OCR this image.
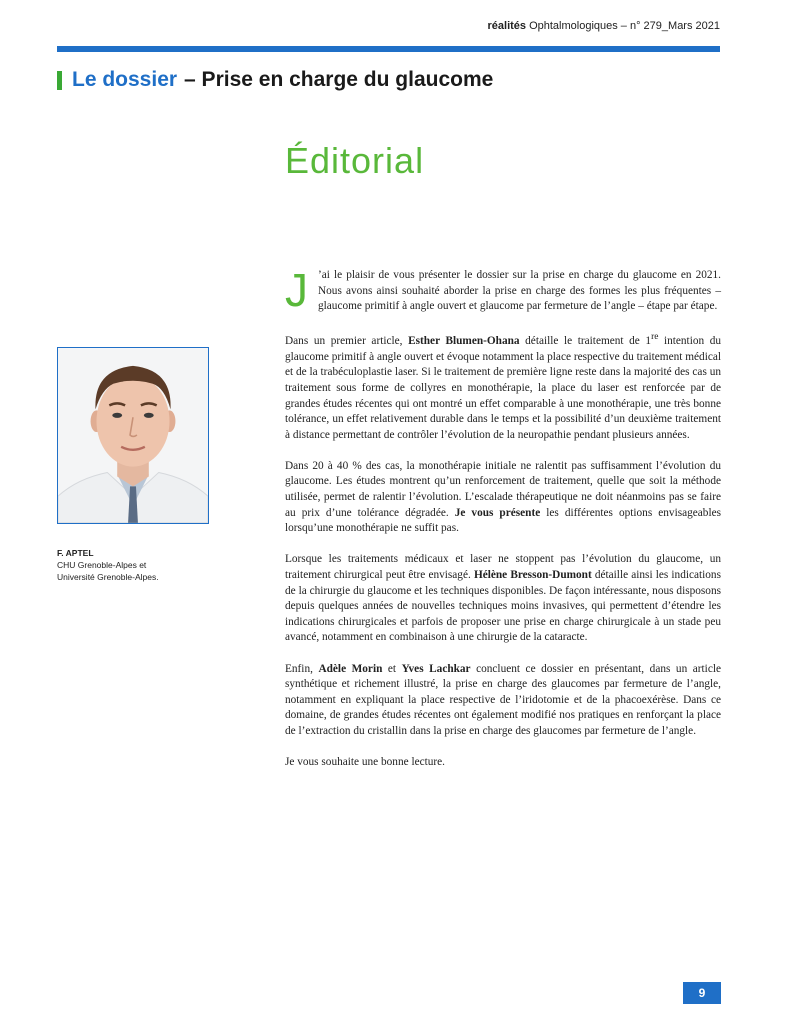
réalités Ophtalmologiques – n° 279_Mars 2021
Le dossier – Prise en charge du glaucome
Éditorial
F. APTEL
CHU Grenoble-Alpes et
Université Grenoble-Alpes.

J ’ai le plaisir de vous présenter le dossier sur la prise en charge du glaucome en 2021. Nous avons ainsi souhaité aborder la prise en charge des formes les plus fréquentes – glaucome primitif à angle ouvert et glaucome par fermeture de l’angle – étape par étape.

Dans un premier article, Esther Blumen-Ohana détaille le traitement de 1re intention du glaucome primitif à angle ouvert et évoque notamment la place respective du traitement médical et de la trabéculoplastie laser. Si le traitement de première ligne reste dans la majorité des cas un traitement sous forme de collyres en monothérapie, la place du laser est renforcée par de grandes études récentes qui ont montré un effet comparable à une monothérapie, une très bonne tolérance, un effet relativement durable dans le temps et la possibilité d’un deuxième traitement à distance permettant de contrôler l’évolution de la neuropathie pendant plusieurs années.

Dans 20 à 40 % des cas, la monothérapie initiale ne ralentit pas suffisamment l’évolution du glaucome. Les études montrent qu’un renforcement de traitement, quelle que soit la méthode utilisée, permet de ralentir l’évolution. L’escalade thérapeutique ne doit néanmoins pas se faire au prix d’une tolérance dégradée. Je vous présente les différentes options envisageables lorsqu’une monothérapie ne suffit pas.

Lorsque les traitements médicaux et laser ne stoppent pas l’évolution du glaucome, un traitement chirurgical peut être envisagé. Hélène Bresson-Dumont détaille ainsi les indications de la chirurgie du glaucome et les techniques disponibles. De façon intéressante, nous disposons depuis quelques années de nouvelles techniques moins invasives, qui permettent d’étendre les indications chirurgicales et parfois de proposer une prise en charge chirurgicale à un stade peu avancé, notamment en combinaison à une chirurgie de la cataracte.

Enfin, Adèle Morin et Yves Lachkar concluent ce dossier en présentant, dans un article synthétique et richement illustré, la prise en charge des glaucomes par fermeture de l’angle, notamment en expliquant la place respective de l’iridotomie et de la phacoexérèse. Dans ce domaine, de grandes études récentes ont également modifié nos pratiques en renforçant la place de l’extraction du cristallin dans la prise en charge des glaucomes par fermeture de l’angle.

Je vous souhaite une bonne lecture.

9
